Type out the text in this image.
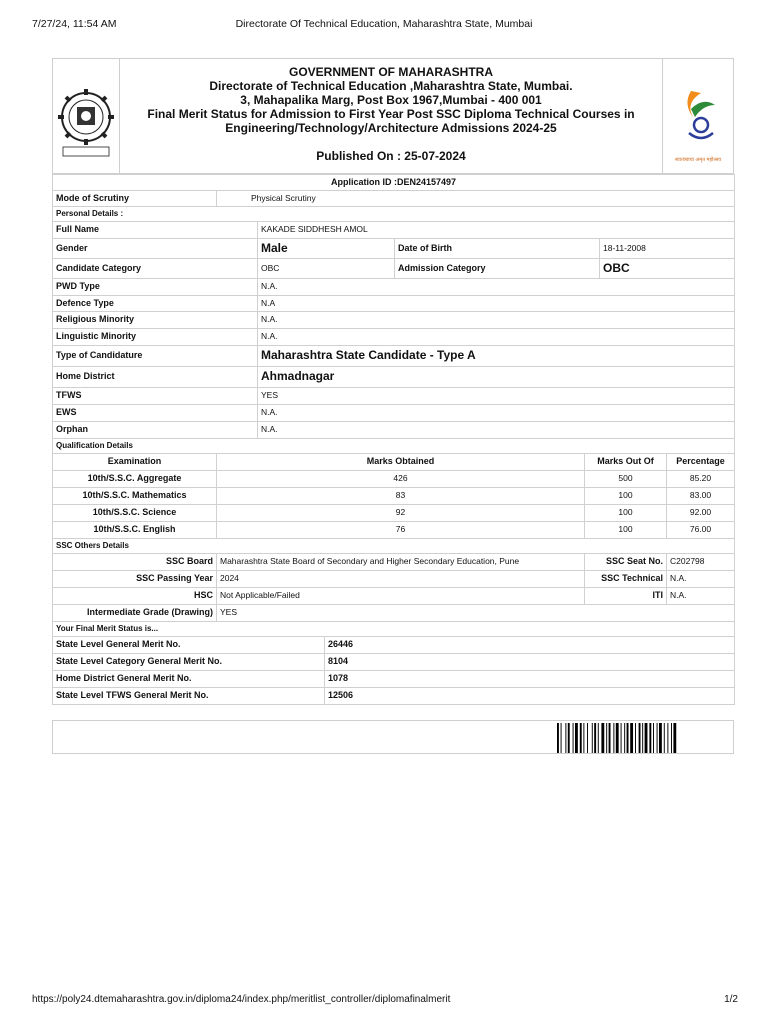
7/27/24, 11:54 AM	Directorate Of Technical Education, Maharashtra State, Mumbai
GOVERNMENT OF MAHARASHTRA
Directorate of Technical Education ,Maharashtra State, Mumbai.
3, Mahapalika Marg, Post Box 1967,Mumbai - 400 001
Final Merit Status for Admission to First Year Post SSC Diploma Technical Courses in
Engineering/Technology/Architecture Admissions 2024-25
Published On : 25-07-2024	स्वातंत्र्याचा अमृत महोत्सव
Application ID :DEN24157497				
Mode of Scrutiny	Physical Scrutiny			
Personal Details :				
Full Name		KAKADE SIDDHESH AMOL		
Gender		Male	Date of Birth	18-11-2008
Candidate Category		OBC	Admission Category	OBC
PWD Type		N.A.		
Defence Type		N.A		
Religious Minority		N.A.		
Linguistic Minority		N.A.		
Type of Candidature		Maharashtra State Candidate - Type A		
Home District		Ahmadnagar		
TFWS		YES		
EWS		N.A.		
Orphan		N.A.		
Qualification Details				
Examination	Marks Obtained	Marks Out Of	Percentage
10th/S.S.C. Aggregate	426	500	85.20
10th/S.S.C. Mathematics	83	100	83.00
10th/S.S.C. Science	92	100	92.00
10th/S.S.C. English	76	100	76.00
SSC Others Details			
SSC Board	Maharashtra State Board of Secondary and Higher Secondary Education, Pune	SSC Seat No.	C202798
SSC Passing Year	2024	SSC Technical	N.A.
HSC	Not Applicable/Failed	ITI	N.A.
Intermediate Grade (Drawing)	YES		
Your Final Merit Status is...	
State Level General Merit No.	26446
State Level Category General Merit No.	8104
Home District General Merit No.	1078
State Level TFWS General Merit No.	12506
https://poly24.dtemaharashtra.gov.in/diploma24/index.php/meritlist_controller/diplomafinalmerit	1/2
